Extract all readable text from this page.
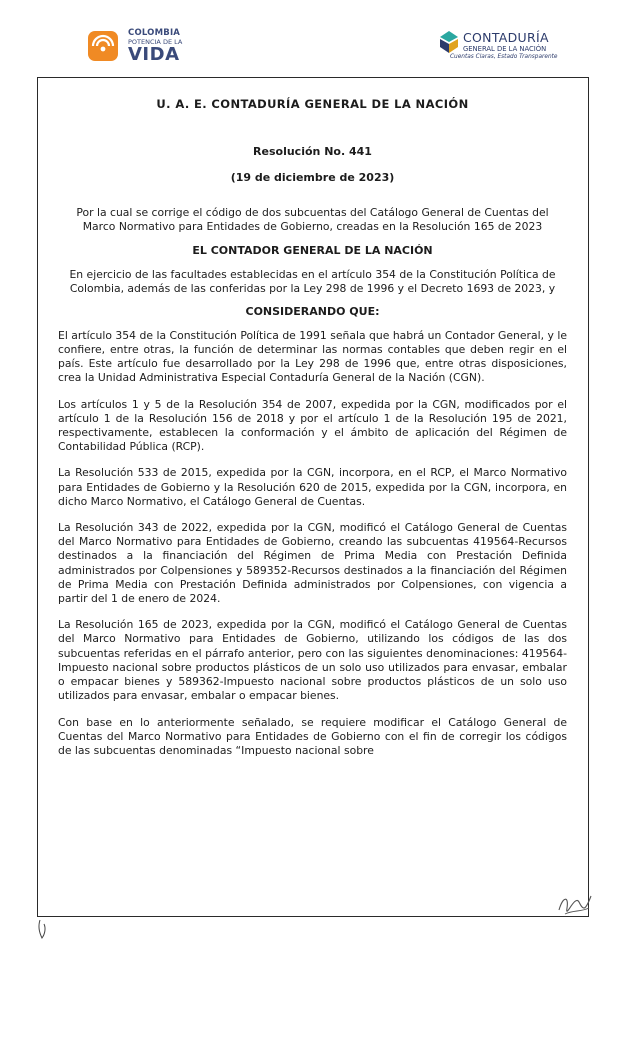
COLOMBIA
POTENCIA DE LA
VIDA
CONTADURÍA
GENERAL DE LA NACIÓN
Cuentas Claras, Estado Transparente

U. A. E. CONTADURÍA GENERAL DE LA NACIÓN

Resolución No. 441

(19 de diciembre de 2023)

Por la cual se corrige el código de dos subcuentas del Catálogo General de Cuentas del Marco Normativo para Entidades de Gobierno, creadas en la Resolución 165 de 2023

EL CONTADOR GENERAL DE LA NACIÓN

En ejercicio de las facultades establecidas en el artículo 354 de la Constitución Política de Colombia, además de las conferidas por la Ley 298 de 1996 y el Decreto 1693 de 2023, y

CONSIDERANDO QUE:

El artículo 354 de la Constitución Política de 1991 señala que habrá un Contador General, y le confiere, entre otras, la función de determinar las normas contables que deben regir en el país. Este artículo fue desarrollado por la Ley 298 de 1996 que, entre otras disposiciones, crea la Unidad Administrativa Especial Contaduría General de la Nación (CGN).

Los artículos 1 y 5 de la Resolución 354 de 2007, expedida por la CGN, modificados por el artículo 1 de la Resolución 156 de 2018 y por el artículo 1 de la Resolución 195 de 2021, respectivamente, establecen la conformación y el ámbito de aplicación del Régimen de Contabilidad Pública (RCP).

La Resolución 533 de 2015, expedida por la CGN, incorpora, en el RCP, el Marco Normativo para Entidades de Gobierno y la Resolución 620 de 2015, expedida por la CGN, incorpora, en dicho Marco Normativo, el Catálogo General de Cuentas.

La Resolución 343 de 2022, expedida por la CGN, modificó el Catálogo General de Cuentas del Marco Normativo para Entidades de Gobierno, creando las subcuentas 419564-Recursos destinados a la financiación del Régimen de Prima Media con Prestación Definida administrados por Colpensiones y 589352-Recursos destinados a la financiación del Régimen de Prima Media con Prestación Definida administrados por Colpensiones, con vigencia a partir del 1 de enero de 2024.

La Resolución 165 de 2023, expedida por la CGN, modificó el Catálogo General de Cuentas del Marco Normativo para Entidades de Gobierno, utilizando los códigos de las dos subcuentas referidas en el párrafo anterior, pero con las siguientes denominaciones: 419564-Impuesto nacional sobre productos plásticos de un solo uso utilizados para envasar, embalar o empacar bienes y 589362-Impuesto nacional sobre productos plásticos de un solo uso utilizados para envasar, embalar o empacar bienes.

Con base en lo anteriormente señalado, se requiere modificar el Catálogo General de Cuentas del Marco Normativo para Entidades de Gobierno con el fin de corregir los códigos de las subcuentas denominadas “Impuesto nacional sobre
